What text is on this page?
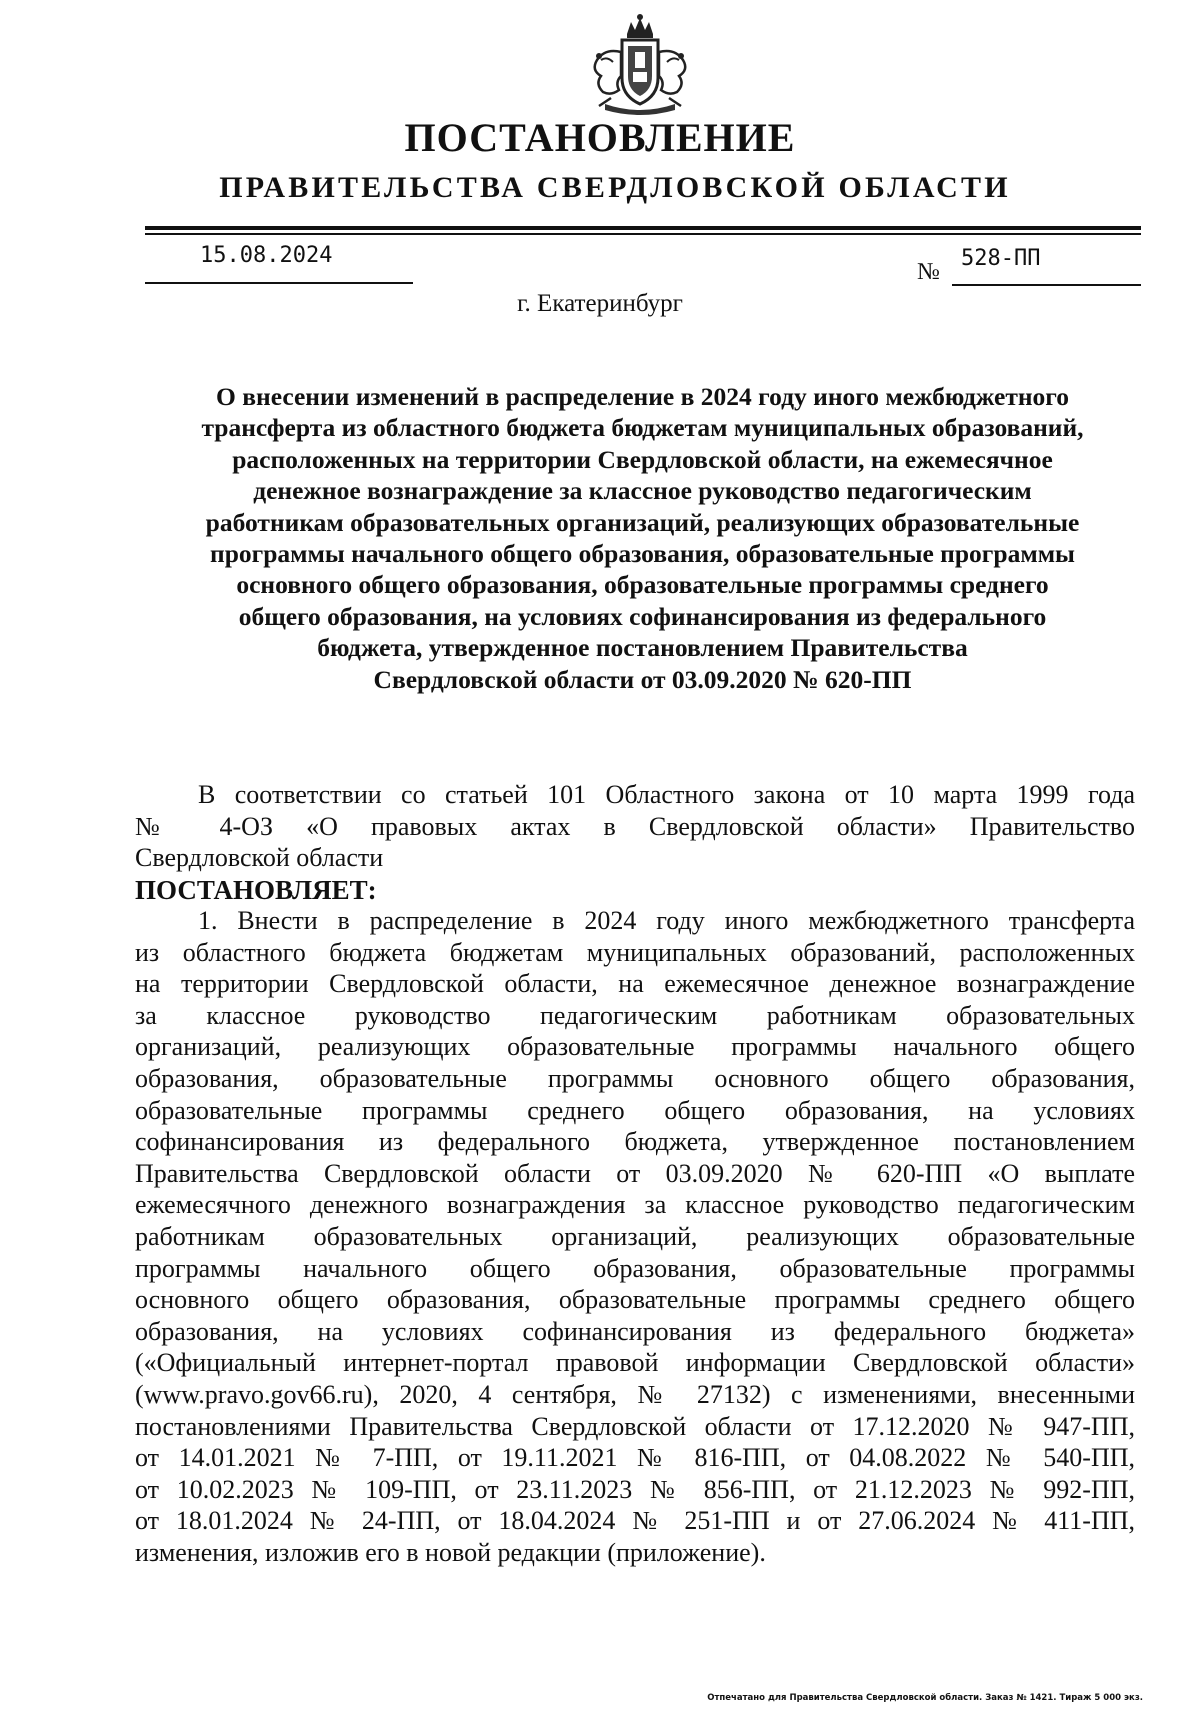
ПОСТАНОВЛЕНИЕ
ПРАВИТЕЛЬСТВА СВЕРДЛОВСКОЙ ОБЛАСТИ
15.08.2024
№
528-ПП
г. Екатеринбург
О внесении изменений в распределение в 2024 году иного межбюджетного
трансферта из областного бюджета бюджетам муниципальных образований,
расположенных на территории Свердловской области, на ежемесячное
денежное вознаграждение за классное руководство педагогическим
работникам образовательных организаций, реализующих образовательные
программы начального общего образования, образовательные программы
основного общего образования, образовательные программы среднего
общего образования, на условиях софинансирования из федерального
бюджета, утвержденное постановлением Правительства
Свердловской области от 03.09.2020 № 620-ПП
В соответствии со статьей 101 Областного закона от 10 марта 1999 года
№ 4-ОЗ «О правовых актах в Свердловской области» Правительство
Свердловской области
ПОСТАНОВЛЯЕТ:
1. Внести в распределение в 2024 году иного межбюджетного трансферта
из областного бюджета бюджетам муниципальных образований, расположенных
на территории Свердловской области, на ежемесячное денежное вознаграждение
за классное руководство педагогическим работникам образовательных
организаций, реализующих образовательные программы начального общего
образования, образовательные программы основного общего образования,
образовательные программы среднего общего образования, на условиях
софинансирования из федерального бюджета, утвержденное постановлением
Правительства Свердловской области от 03.09.2020 № 620-ПП «О выплате
ежемесячного денежного вознаграждения за классное руководство педагогическим
работникам образовательных организаций, реализующих образовательные
программы начального общего образования, образовательные программы
основного общего образования, образовательные программы среднего общего
образования, на условиях софинансирования из федерального бюджета»
(«Официальный интернет-портал правовой информации Свердловской области»
(www.pravo.gov66.ru), 2020, 4 сентября, № 27132) с изменениями, внесенными
постановлениями Правительства Свердловской области от 17.12.2020 № 947-ПП,
от 14.01.2021 № 7-ПП, от 19.11.2021 № 816-ПП, от 04.08.2022 № 540-ПП,
от 10.02.2023 № 109-ПП, от 23.11.2023 № 856-ПП, от 21.12.2023 № 992-ПП,
от 18.01.2024 № 24-ПП, от 18.04.2024 № 251-ПП и от 27.06.2024 № 411-ПП,
изменения, изложив его в новой редакции (приложение).
Отпечатано для Правительства Свердловской области. Заказ № 1421. Тираж 5 000 экз.
